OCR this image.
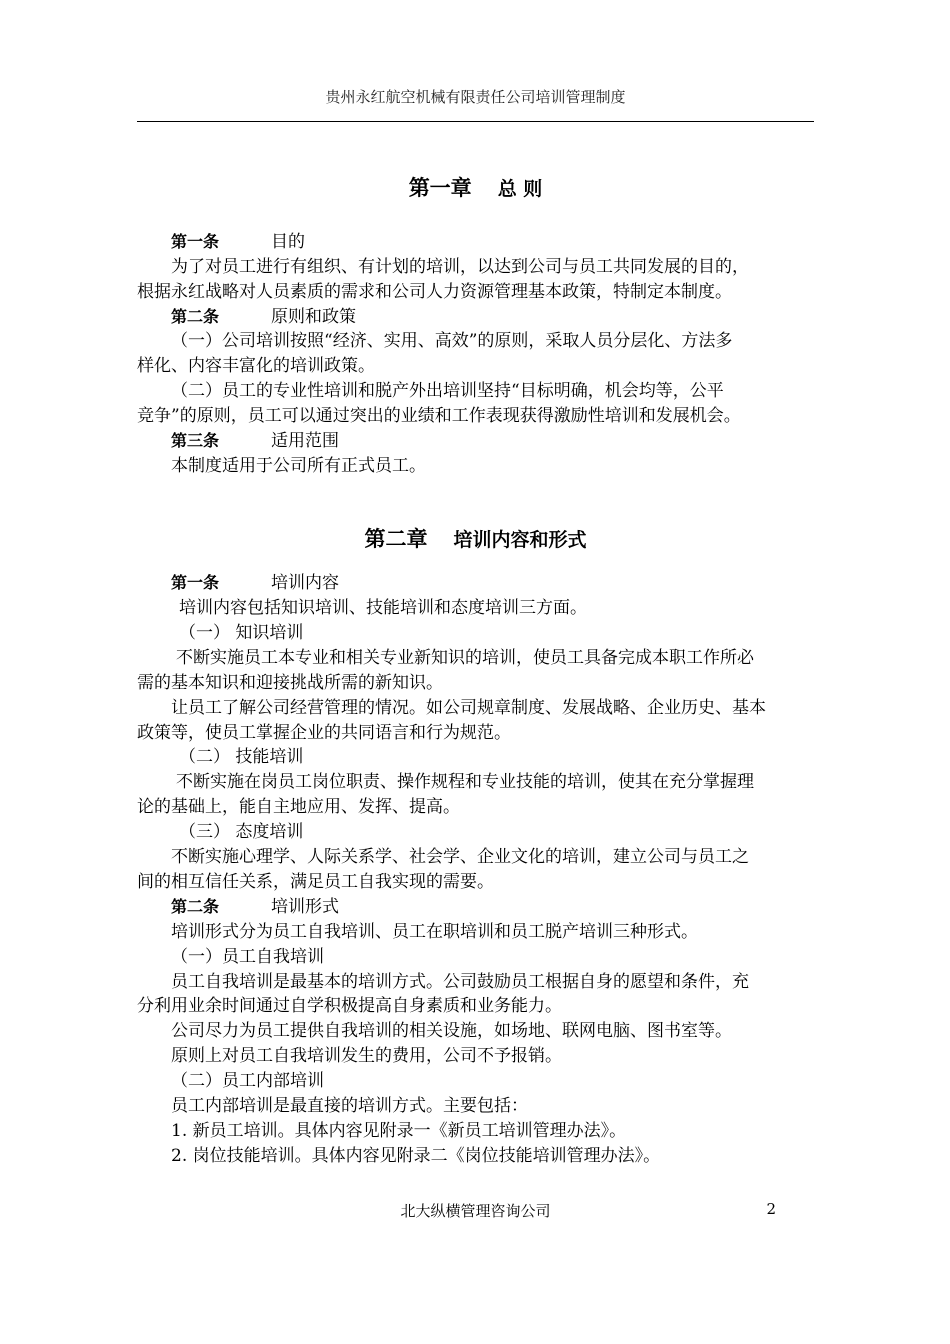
贵州永红航空机械有限责任公司培训管理制度
第一章 总 则
第一条	目的
为了对员工进行有组织、有计划的培训，以达到公司与员工共同发展的目的，
根据永红战略对人员素质的需求和公司人力资源管理基本政策，特制定本制度。
第二条	原则和政策
（一）公司培训按照“经济、实用、高效”的原则，采取人员分层化、方法多
样化、内容丰富化的培训政策。
（二）员工的专业性培训和脱产外出培训坚持“目标明确，机会均等，公平
竞争”的原则，员工可以通过突出的业绩和工作表现获得激励性培训和发展机会。
第三条	适用范围
本制度适用于公司所有正式员工。
第二章 培训内容和形式
第一条	培训内容
培训内容包括知识培训、技能培训和态度培训三方面。
（一） 知识培训
不断实施员工本专业和相关专业新知识的培训，使员工具备完成本职工作所必
需的基本知识和迎接挑战所需的新知识。
让员工了解公司经营管理的情况。如公司规章制度、发展战略、企业历史、基本
政策等，使员工掌握企业的共同语言和行为规范。
（二） 技能培训
不断实施在岗员工岗位职责、操作规程和专业技能的培训，使其在充分掌握理
论的基础上，能自主地应用、发挥、提高。
（三） 态度培训
不断实施心理学、人际关系学、社会学、企业文化的培训，建立公司与员工之
间的相互信任关系，满足员工自我实现的需要。
第二条	培训形式
培训形式分为员工自我培训、员工在职培训和员工脱产培训三种形式。
（一）员工自我培训
员工自我培训是最基本的培训方式。公司鼓励员工根据自身的愿望和条件，充
分利用业余时间通过自学积极提高自身素质和业务能力。
公司尽力为员工提供自我培训的相关设施，如场地、联网电脑、图书室等。
原则上对员工自我培训发生的费用，公司不予报销。
（二）员工内部培训
员工内部培训是最直接的培训方式。主要包括：
1. 新员工培训。具体内容见附录一《新员工培训管理办法》。
2. 岗位技能培训。具体内容见附录二《岗位技能培训管理办法》。
北大纵横管理咨询公司	2
